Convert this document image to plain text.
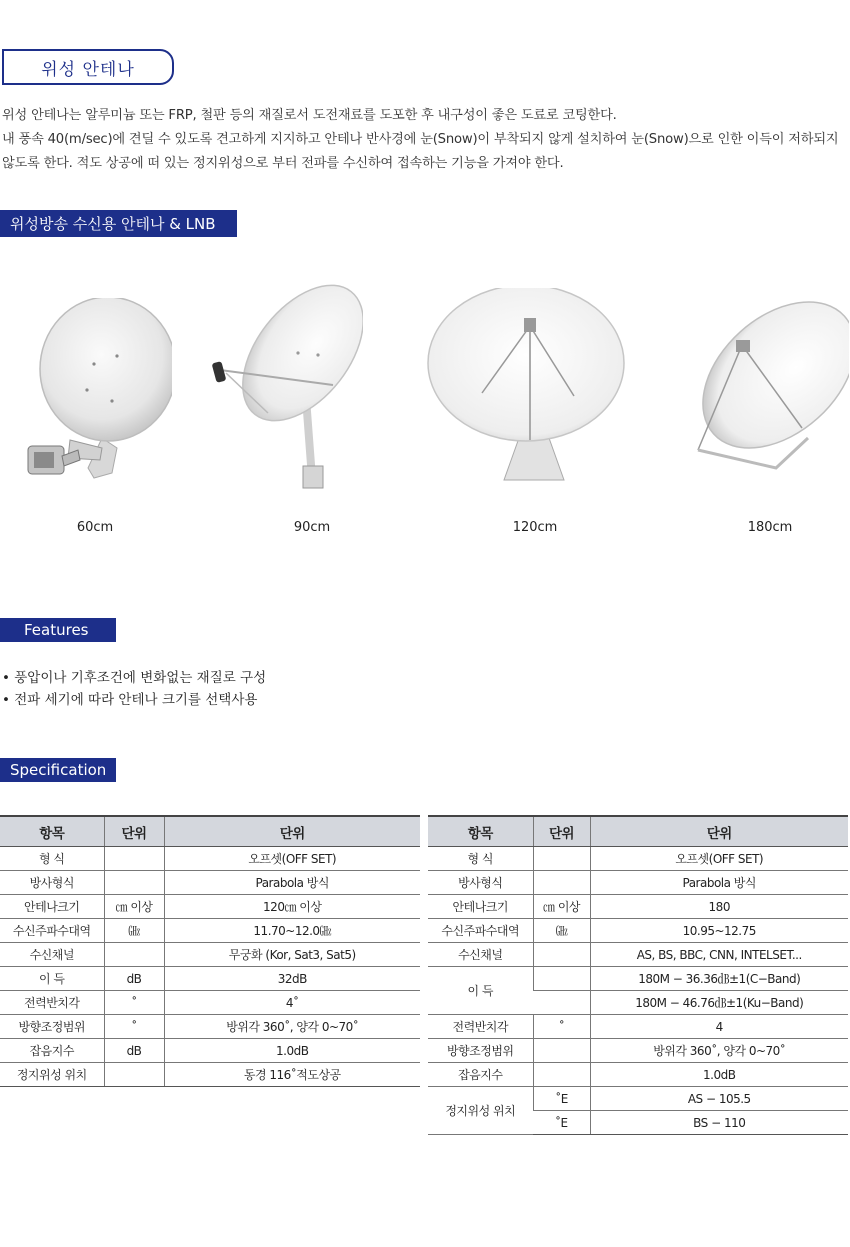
위성 안테나
위성 안테나는 알루미늄 또는 FRP, 철판 등의 재질로서 도전재료를 도포한 후 내구성이 좋은 도료로 코팅한다.
내 풍속 40(m/sec)에 견딜 수 있도록 견고하게 지지하고 안테나 반사경에 눈(Snow)이 부착되지 않게 설치하여 눈(Snow)으로 인한 이득이 저하되지
않도록 한다. 적도 상공에 떠 있는 정지위성으로 부터 전파를 수신하여 접속하는 기능을 가져야 한다.
위성방송 수신용 안테나 & LNB
60cm	90cm	120cm	180cm
Features
• 풍압이나 기후조건에 변화없는 재질로 구성
• 전파 세기에 따라 안테나 크기를 선택사용
Specification
항목	단위	단위
형 식		오프셋(OFF SET)
방사형식		Parabola 방식
안테나크기	㎝ 이상	120㎝ 이상
수신주파수대역	㎓	11.70~12.0㎓
수신채널		무궁화 (Kor, Sat3, Sat5)
이 득	dB	32dB
전력반치각	˚	4˚
방향조정범위	˚	방위각 360˚, 양각 0~70˚
잡음지수	dB	1.0dB
정지위성 위치		동경 116˚적도상공
항목	단위	단위
형 식		오프셋(OFF SET)
방사형식		Parabola 방식
안테나크기	㎝ 이상	180
수신주파수대역	㎓	10.95~12.75
수신채널		AS, BS, BBC, CNN, INTELSET...
이 득		180M − 36.36㏈±1(C−Band)
		180M − 46.76㏈±1(Ku−Band)
전력반치각	˚	4
방향조정범위		방위각 360˚, 양각 0~70˚
잡음지수		1.0dB
정지위성 위치	˚E	AS − 105.5
	˚E	BS − 110
